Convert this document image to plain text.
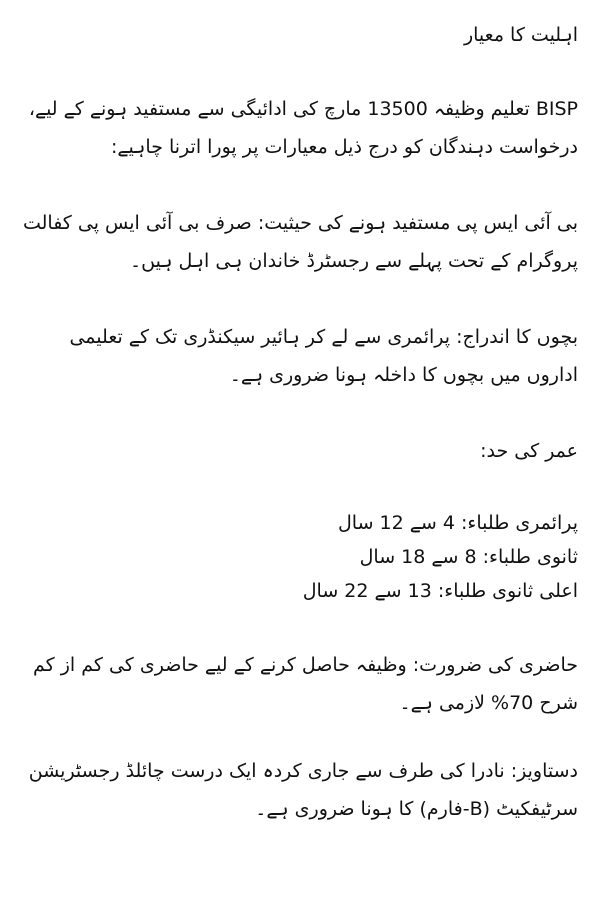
اہلیت کا معیار

BISP تعلیم وظیفہ 13500 مارچ کی ادائیگی سے مستفید ہونے کے لیے، درخواست دہندگان کو درج ذیل معیارات پر پورا اترنا چاہیے:

بی آئی ایس پی مستفید ہونے کی حیثیت: صرف بی آئی ایس پی کفالت پروگرام کے تحت پہلے سے رجسٹرڈ خاندان ہی اہل ہیں۔

بچوں کا اندراج: پرائمری سے لے کر ہائیر سیکنڈری تک کے تعلیمی اداروں میں بچوں کا داخلہ ہونا ضروری ہے۔

عمر کی حد:
پرائمری طلباء: 4 سے 12 سال
ثانوی طلباء: 8 سے 18 سال
اعلی ثانوی طلباء: 13 سے 22 سال

حاضری کی ضرورت: وظیفہ حاصل کرنے کے لیے حاضری کی کم از کم شرح 70% لازمی ہے۔

دستاویز: نادرا کی طرف سے جاری کردہ ایک درست چائلڈ رجسٹریشن سرٹیفکیٹ (B-فارم) کا ہونا ضروری ہے۔
